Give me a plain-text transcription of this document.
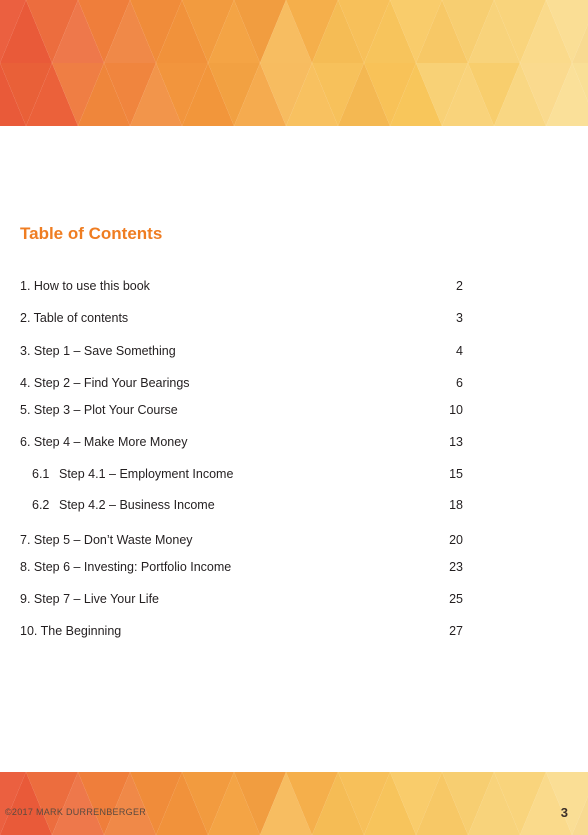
Table of Contents
1. How to use this book	2
2. Table of contents	3
3. Step 1 – Save Something	4
4. Step 2 – Find Your Bearings	6
5. Step 3 – Plot Your Course	10
6. Step 4 – Make More Money	13
6.1 Step 4.1 – Employment Income	15
6.2 Step 4.2 – Business Income	18
7. Step 5 – Don’t Waste Money	20
8. Step 6 – Investing: Portfolio Income	23
9. Step 7 – Live Your Life	25
10. The Beginning	27
©2017 MARK DURRENBERGER	3
